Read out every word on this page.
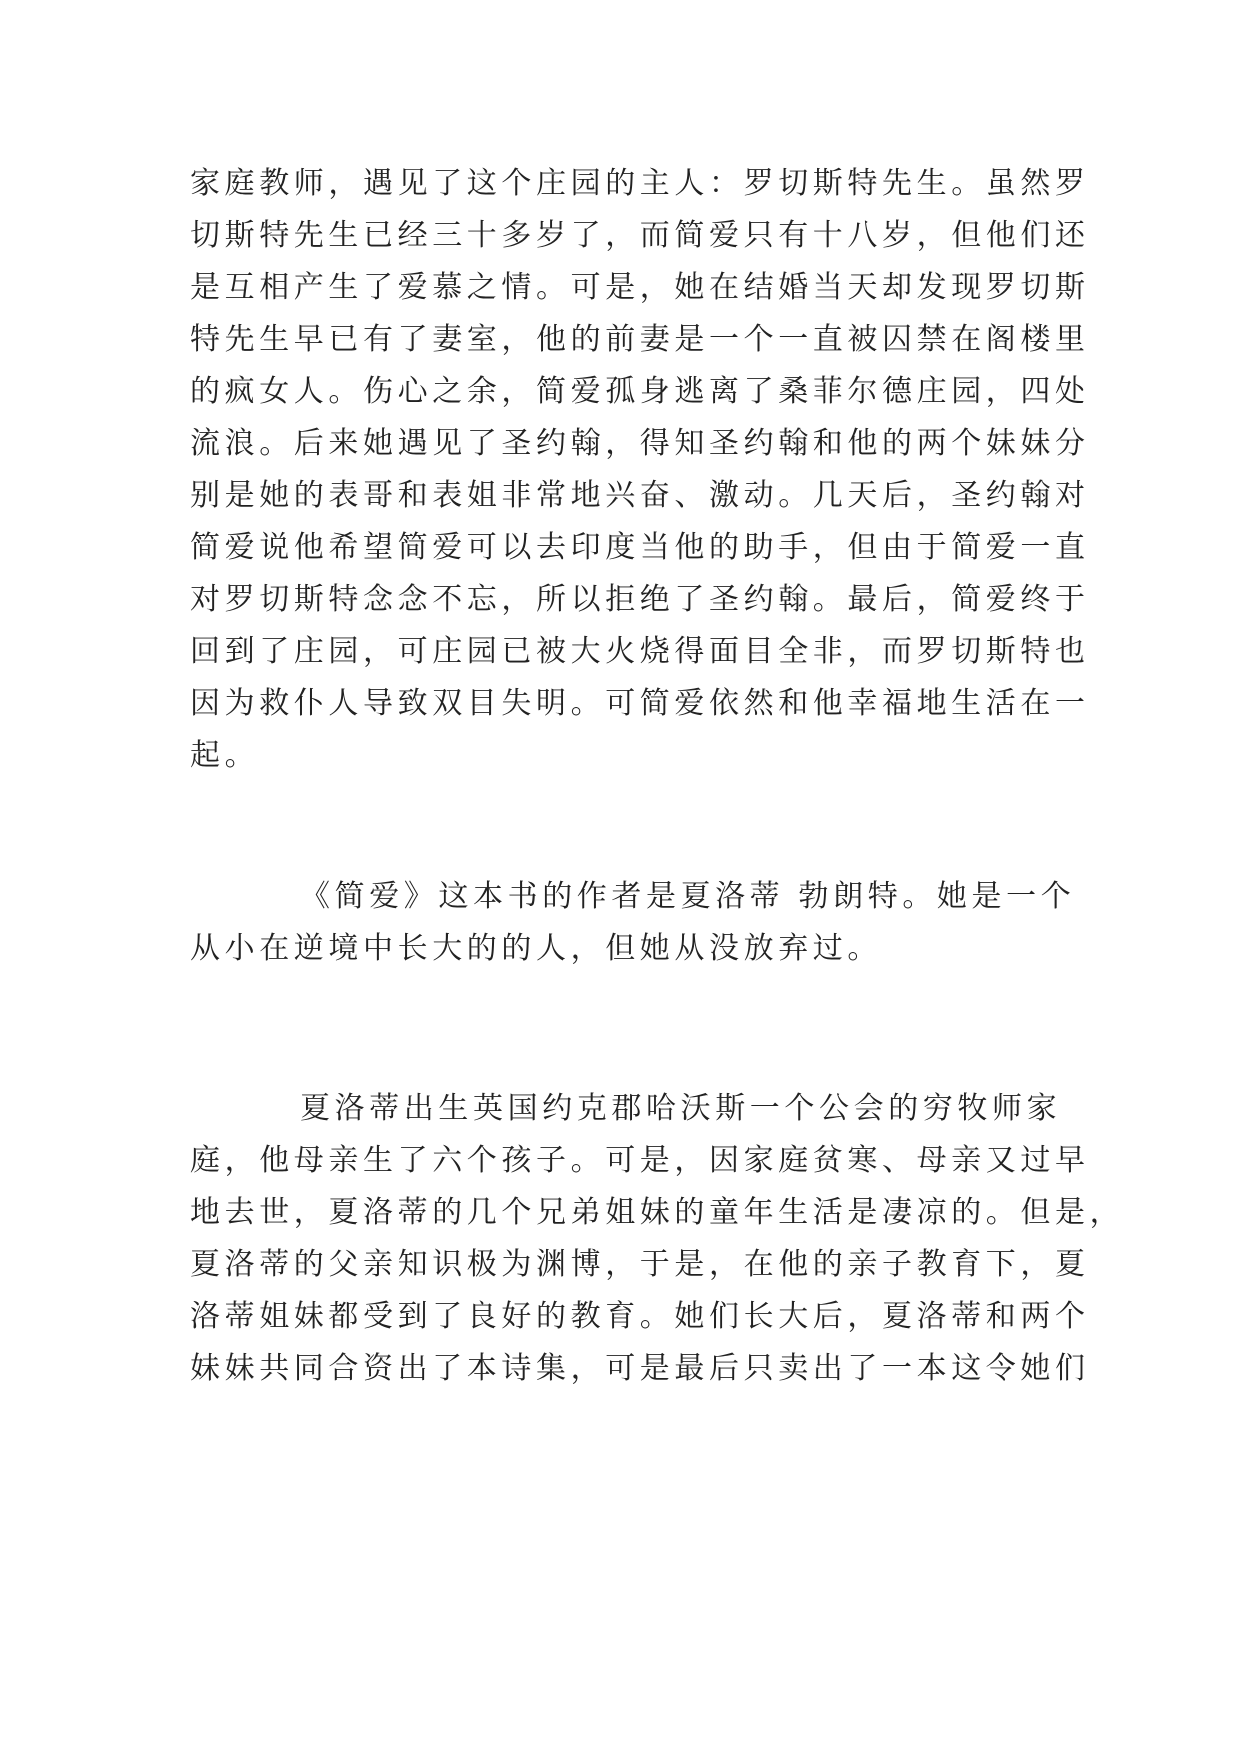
家庭教师，遇见了这个庄园的主人：罗切斯特先生。虽然罗
切斯特先生已经三十多岁了，而简爱只有十八岁，但他们还
是互相产生了爱慕之情。可是，她在结婚当天却发现罗切斯
特先生早已有了妻室，他的前妻是一个一直被囚禁在阁楼里
的疯女人。伤心之余，简爱孤身逃离了桑菲尔德庄园，四处
流浪。后来她遇见了圣约翰，得知圣约翰和他的两个妹妹分
别是她的表哥和表姐非常地兴奋、激动。几天后，圣约翰对
简爱说他希望简爱可以去印度当他的助手，但由于简爱一直
对罗切斯特念念不忘，所以拒绝了圣约翰。最后，简爱终于
回到了庄园，可庄园已被大火烧得面目全非，而罗切斯特也
因为救仆人导致双目失明。可简爱依然和他幸福地生活在一
起。
《简爱》这本书的作者是夏洛蒂 勃朗特。她是一个
从小在逆境中长大的的人，但她从没放弃过。
夏洛蒂出生英国约克郡哈沃斯一个公会的穷牧师家
庭，他母亲生了六个孩子。可是，因家庭贫寒、母亲又过早
地去世，夏洛蒂的几个兄弟姐妹的童年生活是凄凉的。但是，
夏洛蒂的父亲知识极为渊博，于是，在他的亲子教育下，夏
洛蒂姐妹都受到了良好的教育。她们长大后，夏洛蒂和两个
妹妹共同合资出了本诗集，可是最后只卖出了一本这令她们
